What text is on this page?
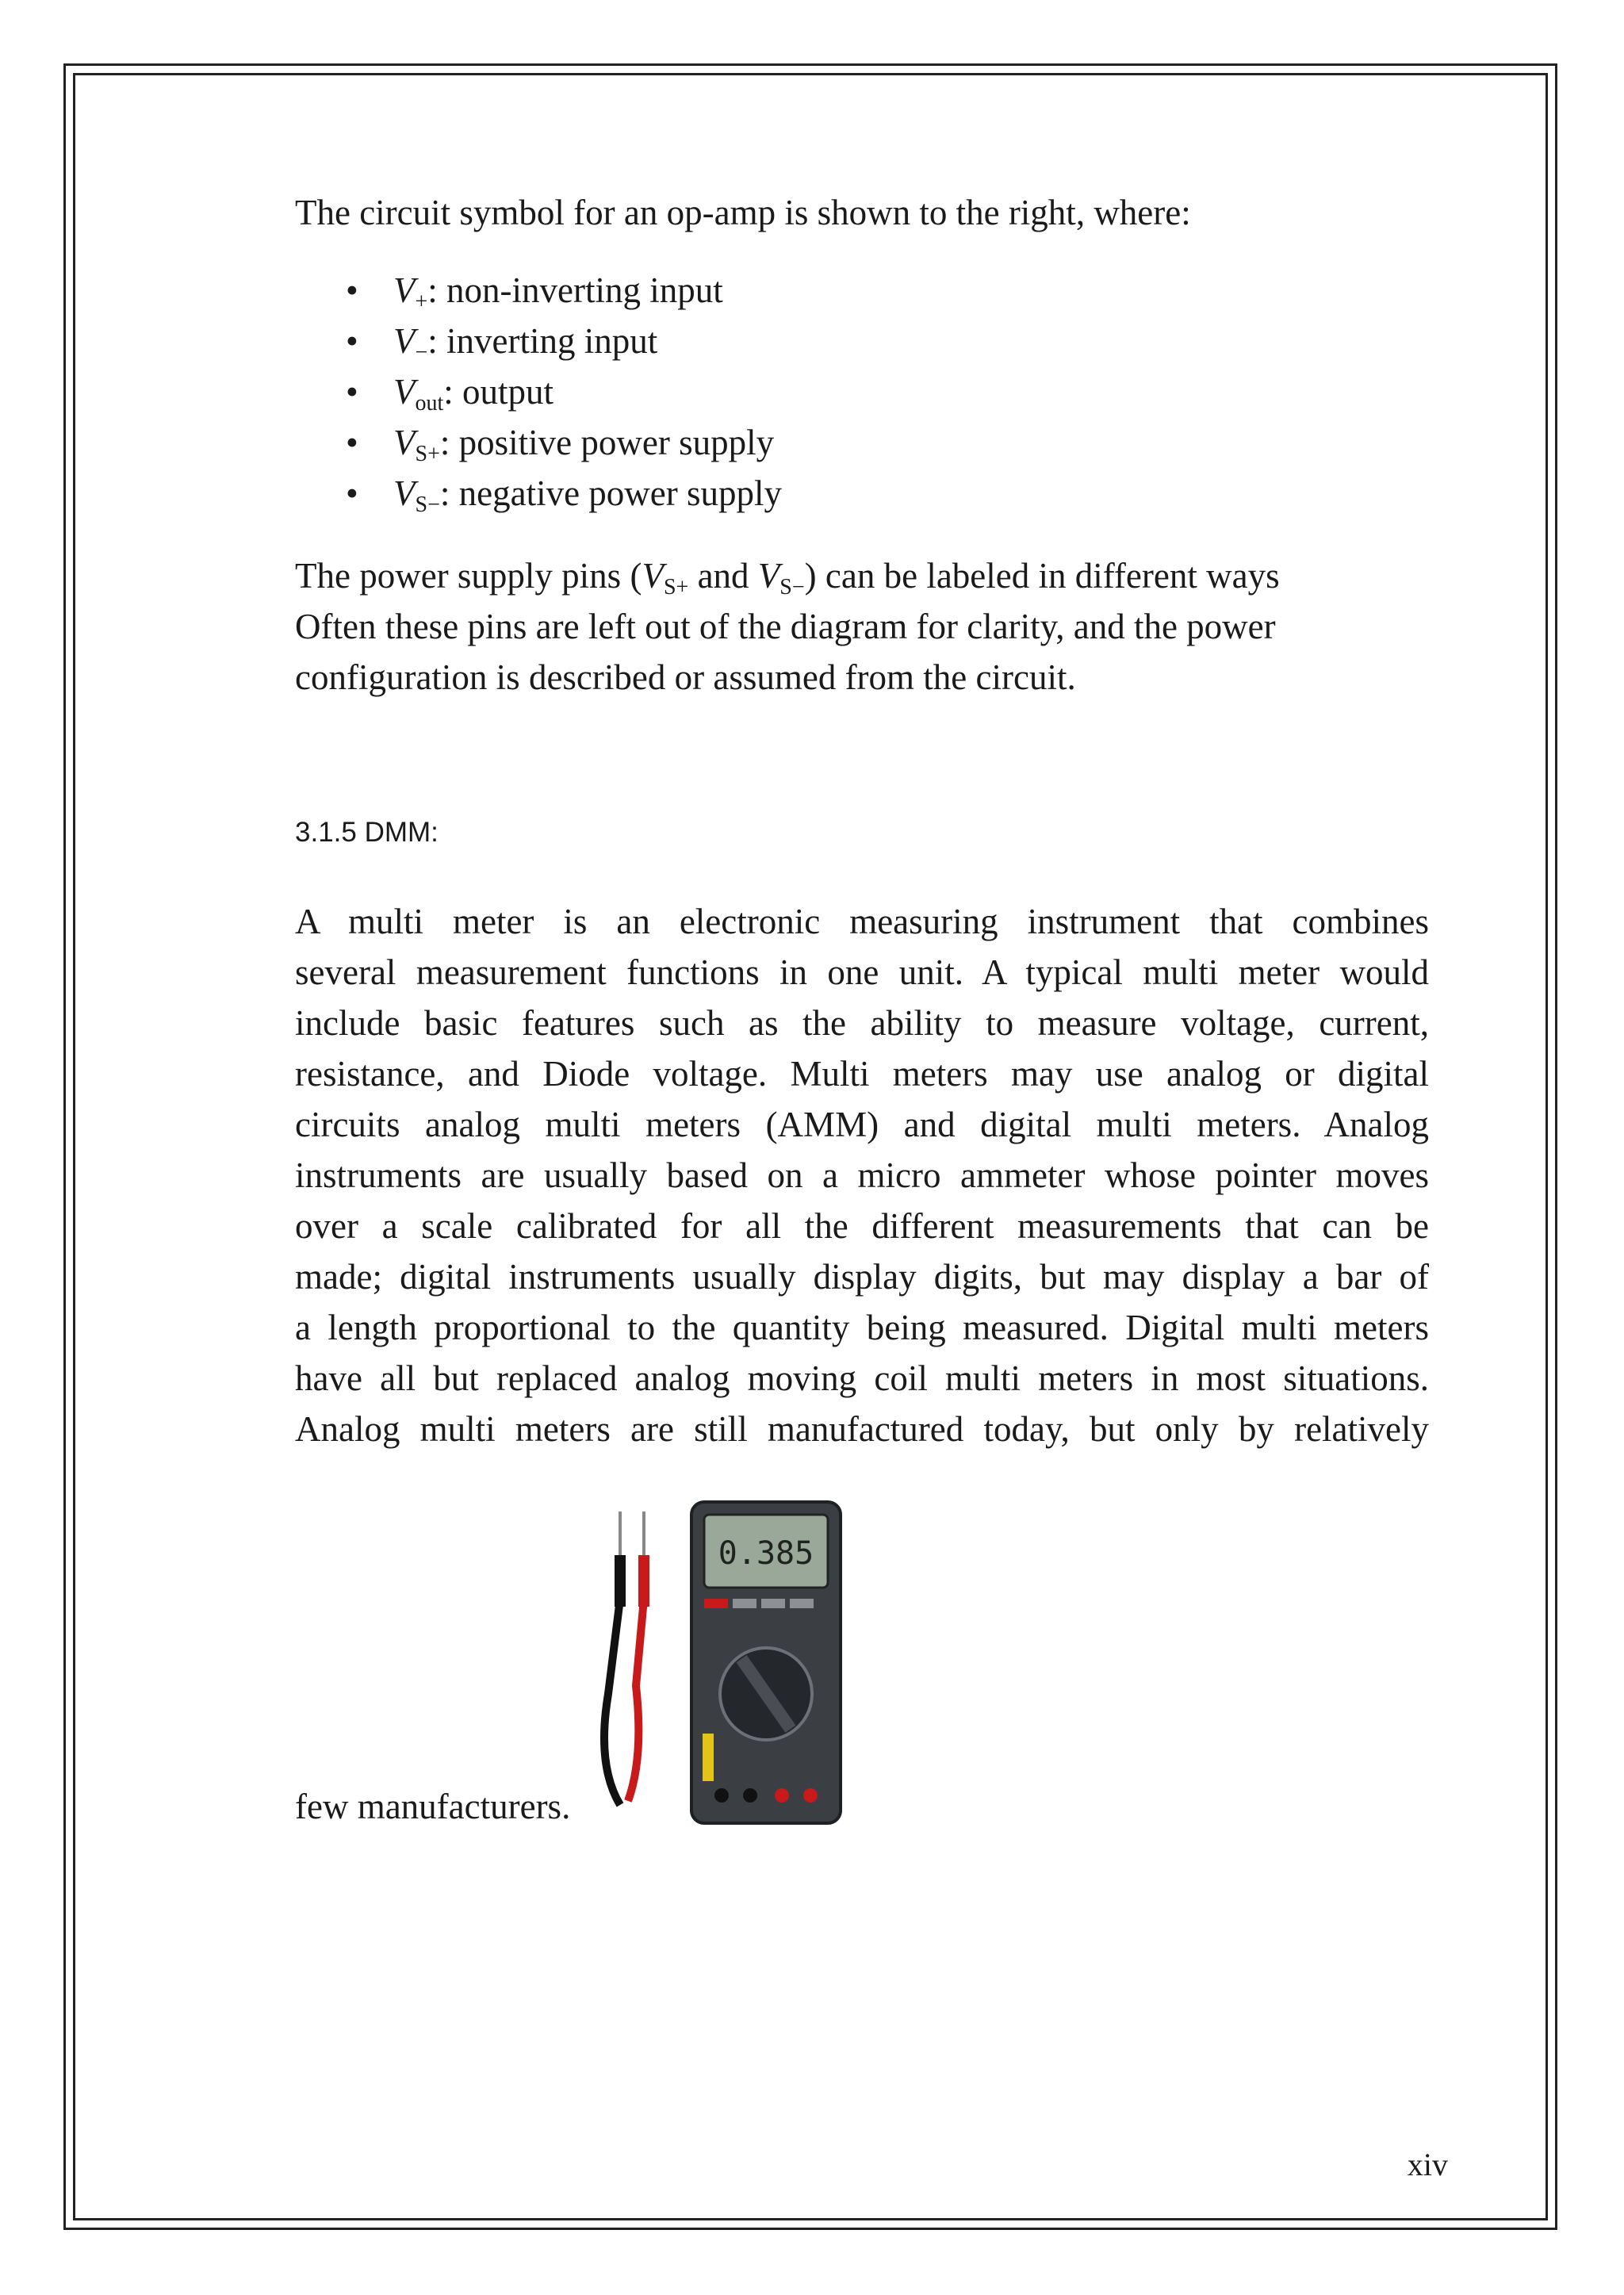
The circuit symbol for an op-amp is shown to the right, where:

• $V_+$: non-inverting input
• $V_-$: inverting input
• $V_{out}$: output
• $V_{S+}$: positive power supply
• $V_{S-}$: negative power supply

The power supply pins ($V_{S+}$ and $V_{S-}$) can be labeled in different ways
Often these pins are left out of the diagram for clarity, and the power configuration is described or assumed from the circuit.

3.1.5 DMM:
A multi meter is an electronic measuring instrument that combines
several measurement functions in one unit. A typical multi meter would
include basic features such as the ability to measure voltage, current,
resistance, and Diode voltage. Multi meters may use analog or digital
circuits analog multi meters (AMM) and digital multi meters. Analog
instruments are usually based on a micro ammeter whose pointer moves
over a scale calibrated for all the different measurements that can be
made; digital instruments usually display digits, but may display a bar of
a length proportional to the quantity being measured. Digital multi meters
have all but replaced analog moving coil multi meters in most situations.
Analog multi meters are still manufactured today, but only by relatively
few manufacturers.
0.385
xiv
